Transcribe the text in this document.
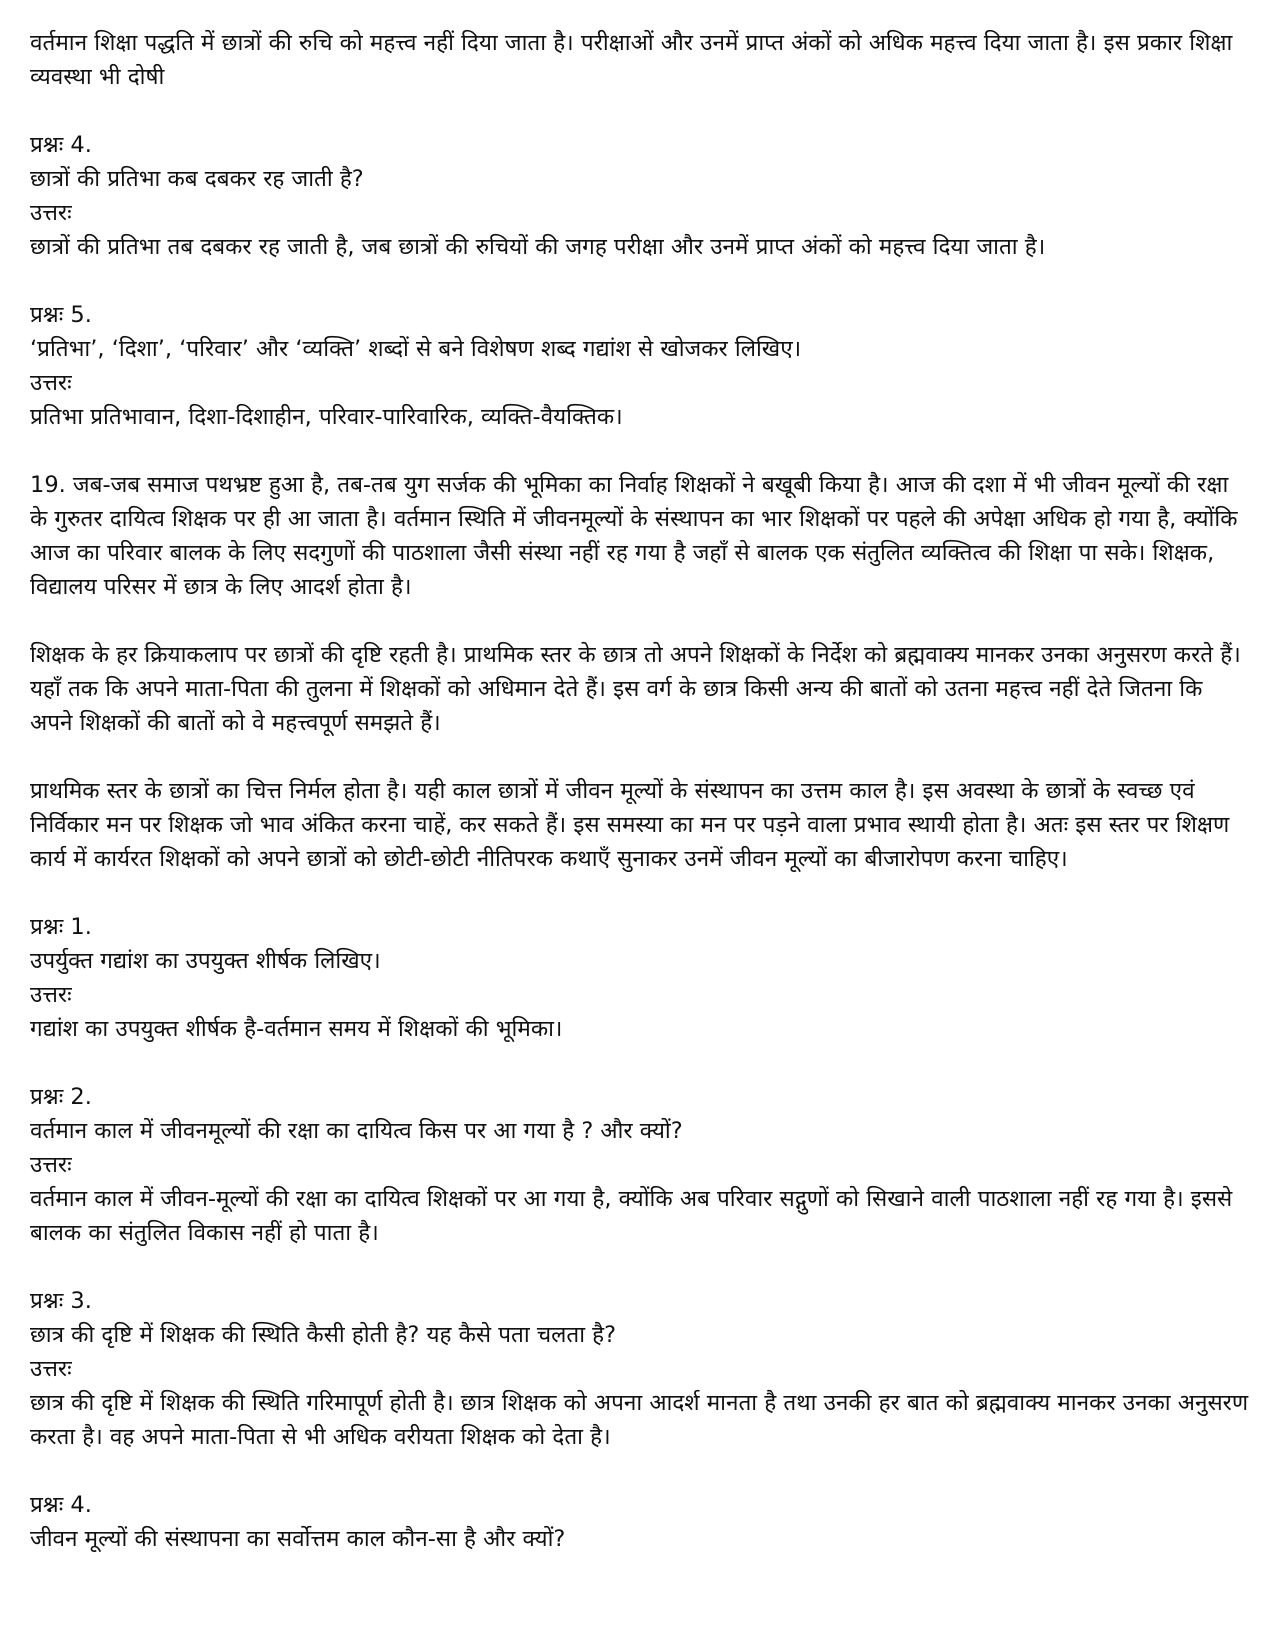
वर्तमान शिक्षा पद्धति में छात्रों की रुचि को महत्त्व नहीं दिया जाता है। परीक्षाओं और उनमें प्राप्त अंकों को अधिक महत्त्व दिया जाता है। इस प्रकार शिक्षा व्यवस्था भी दोषी

प्रश्नः 4.
छात्रों की प्रतिभा कब दबकर रह जाती है?
उत्तरः
छात्रों की प्रतिभा तब दबकर रह जाती है, जब छात्रों की रुचियों की जगह परीक्षा और उनमें प्राप्त अंकों को महत्त्व दिया जाता है।
प्रश्नः 5.
‘प्रतिभा’, ‘दिशा’, ‘परिवार’ और ‘व्यक्ति’ शब्दों से बने विशेषण शब्द गद्यांश से खोजकर लिखिए।
उत्तरः
प्रतिभा प्रतिभावान, दिशा-दिशाहीन, परिवार-पारिवारिक, व्यक्ति-वैयक्तिक।

19. जब-जब समाज पथभ्रष्ट हुआ है, तब-तब युग सर्जक की भूमिका का निर्वाह शिक्षकों ने बखूबी किया है। आज की दशा में भी जीवन मूल्यों की रक्षा के गुरुतर दायित्व शिक्षक पर ही आ जाता है। वर्तमान स्थिति में जीवनमूल्यों के संस्थापन का भार शिक्षकों पर पहले की अपेक्षा अधिक हो गया है, क्योंकि आज का परिवार बालक के लिए सदगुणों की पाठशाला जैसी संस्था नहीं रह गया है जहाँ से बालक एक संतुलित व्यक्तित्व की शिक्षा पा सके। शिक्षक, विद्यालय परिसर में छात्र के लिए आदर्श होता है।

शिक्षक के हर क्रियाकलाप पर छात्रों की दृष्टि रहती है। प्राथमिक स्तर के छात्र तो अपने शिक्षकों के निर्देश को ब्रह्मवाक्य मानकर उनका अनुसरण करते हैं। यहाँ तक कि अपने माता-पिता की तुलना में शिक्षकों को अधिमान देते हैं। इस वर्ग के छात्र किसी अन्य की बातों को उतना महत्त्व नहीं देते जितना कि अपने शिक्षकों की बातों को वे महत्त्वपूर्ण समझते हैं।

प्राथमिक स्तर के छात्रों का चित्त निर्मल होता है। यही काल छात्रों में जीवन मूल्यों के संस्थापन का उत्तम काल है। इस अवस्था के छात्रों के स्वच्छ एवं निर्विकार मन पर शिक्षक जो भाव अंकित करना चाहें, कर सकते हैं। इस समस्या का मन पर पड़ने वाला प्रभाव स्थायी होता है। अतः इस स्तर पर शिक्षण कार्य में कार्यरत शिक्षकों को अपने छात्रों को छोटी-छोटी नीतिपरक कथाएँ सुनाकर उनमें जीवन मूल्यों का बीजारोपण करना चाहिए।

प्रश्नः 1.
उपर्युक्त गद्यांश का उपयुक्त शीर्षक लिखिए।
उत्तरः
गद्यांश का उपयुक्त शीर्षक है-वर्तमान समय में शिक्षकों की भूमिका।
प्रश्नः 2.
वर्तमान काल में जीवनमूल्यों की रक्षा का दायित्व किस पर आ गया है ? और क्यों?
उत्तरः
वर्तमान काल में जीवन-मूल्यों की रक्षा का दायित्व शिक्षकों पर आ गया है, क्योंकि अब परिवार सद्गुणों को सिखाने वाली पाठशाला नहीं रह गया है। इससे बालक का संतुलित विकास नहीं हो पाता है।
प्रश्नः 3.
छात्र की दृष्टि में शिक्षक की स्थिति कैसी होती है? यह कैसे पता चलता है?
उत्तरः
छात्र की दृष्टि में शिक्षक की स्थिति गरिमापूर्ण होती है। छात्र शिक्षक को अपना आदर्श मानता है तथा उनकी हर बात को ब्रह्मवाक्य मानकर उनका अनुसरण करता है। वह अपने माता-पिता से भी अधिक वरीयता शिक्षक को देता है।
प्रश्नः 4.
जीवन मूल्यों की संस्थापना का सर्वोत्तम काल कौन-सा है और क्यों?
